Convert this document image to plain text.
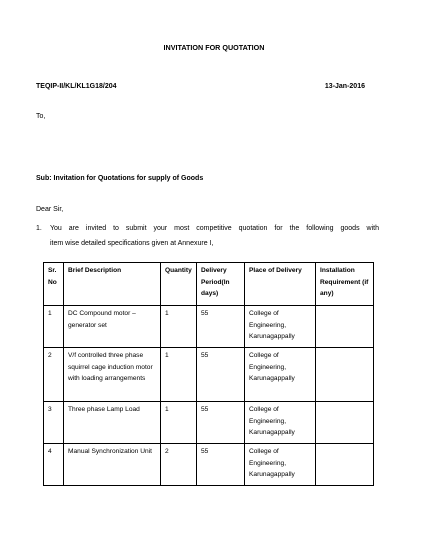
INVITATION FOR QUOTATION
TEQIP-II/KL/KL1G18/204	13-Jan-2016
To,
Sub: Invitation for Quotations for supply of Goods
Dear Sir,
1. You are invited to submit your most competitive quotation for the following goods with
item wise detailed specifications given at Annexure I,
Sr. No	Brief Description	Quantity	Delivery Period(In days)	Place of Delivery	Installation Requirement (if any)
1	DC Compound motor – generator set	1	55	College of Engineering, Karunagappally	
2	V/f controlled three phase squirrel cage induction motor with loading arrangements	1	55	College of Engineering, Karunagappally	
3	Three phase Lamp Load	1	55	College of Engineering, Karunagappally	
4	Manual Synchronization Unit	2	55	College of Engineering, Karunagappally	
